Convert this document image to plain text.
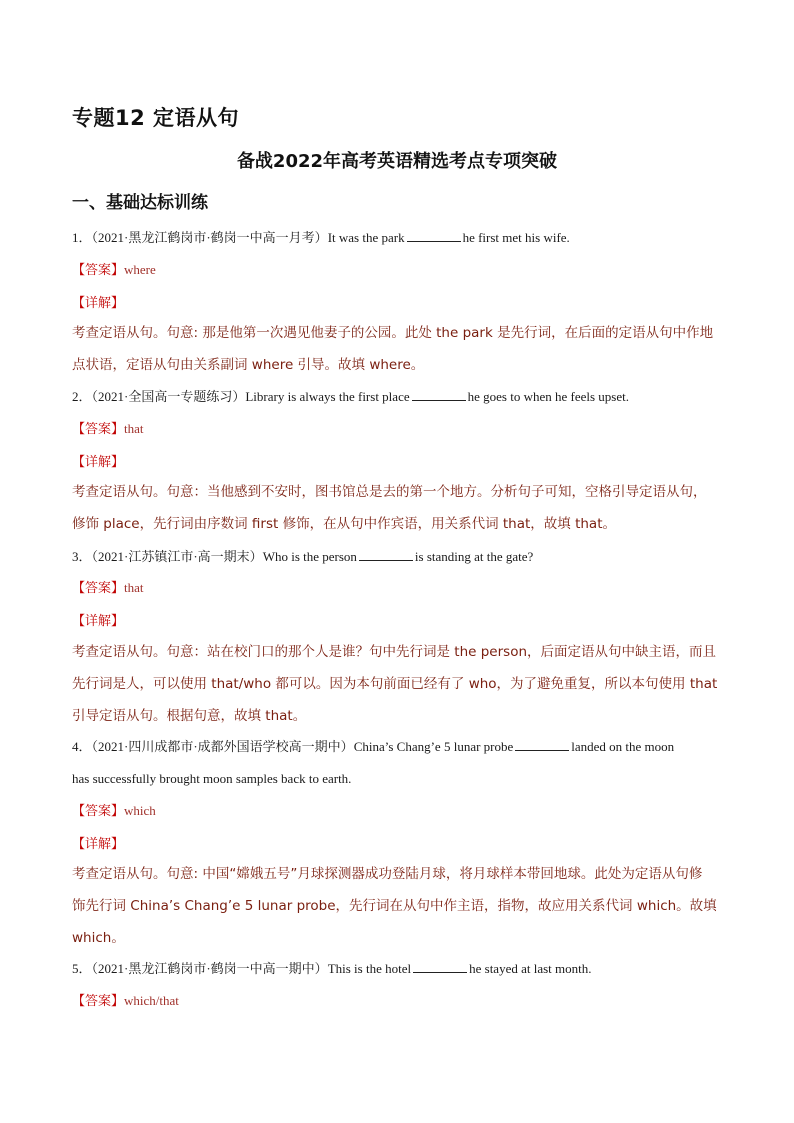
专题12 定语从句
备战2022年高考英语精选考点专项突破
一、基础达标训练
1．（2021·黑龙江鹤岗市·鹤岗一中高一月考）It was the park	he first met his wife.
【答案】where
【详解】
考查定语从句。句意: 那是他第一次遇见他妻子的公园。此处 the park 是先行词，在后面的定语从句中作地
点状语，定语从句由关系副词 where 引导。故填 where。
2．（2021·全国高一专题练习）Library is always the first place	he goes to when he feels upset.
【答案】that
【详解】
考查定语从句。句意：当他感到不安时，图书馆总是去的第一个地方。分析句子可知，空格引导定语从句，
修饰 place，先行词由序数词 first 修饰，在从句中作宾语，用关系代词 that，故填 that。
3．（2021·江苏镇江市·高一期末）Who is the person	is standing at the gate?
【答案】that
【详解】
考查定语从句。句意：站在校门口的那个人是谁？句中先行词是 the person，后面定语从句中缺主语，而且
先行词是人，可以使用 that/who 都可以。因为本句前面已经有了 who，为了避免重复，所以本句使用 that
引导定语从句。根据句意，故填 that。
4．（2021·四川成都市·成都外国语学校高一期中）China’s Chang’e 5 lunar probe	landed on the moon
has successfully brought moon samples back to earth.
【答案】which
【详解】
考查定语从句。句意: 中国“嫦娥五号”月球探测器成功登陆月球，将月球样本带回地球。此处为定语从句修
饰先行词 China’s Chang’e 5 lunar probe，先行词在从句中作主语，指物，故应用关系代词 which。故填
which。
5．（2021·黑龙江鹤岗市·鹤岗一中高一期中）This is the hotel	he stayed at last month.
【答案】which/that
